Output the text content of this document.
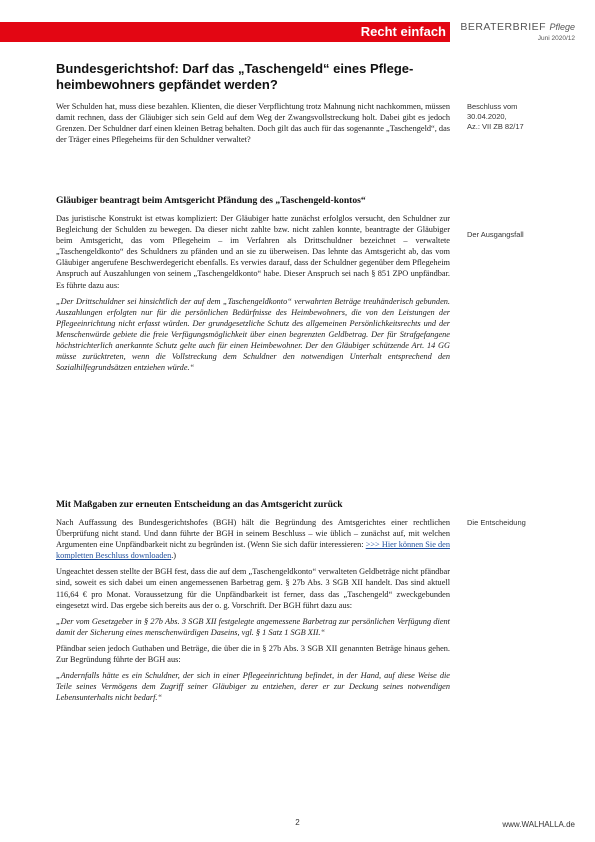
Recht einfach BERATERBRIEF Pflege
Juni 2020/12
Bundesgerichtshof: Darf das „Taschengeld“ eines Pflege-heimbewohners gepfändet werden?

Wer Schulden hat, muss diese bezahlen. Klienten, die dieser Verpflichtung trotz Mahnung nicht nachkommen, müssen damit rechnen, dass der Gläubiger sich sein Geld auf dem Weg der Zwangsvollstreckung holt. Dabei gibt es jedoch Grenzen. Der Schuldner darf einen kleinen Betrag behalten. Doch gilt das auch für das sogenannte „Taschengeld“, das der Träger eines Pflegeheims für den Schuldner verwaltet?

Beschluss vom
30.04.2020,
Az.: VII ZB 82/17
Gläubiger beantragt beim Amtsgericht Pfändung des „Taschengeld-kontos“

Das juristische Konstrukt ist etwas kompliziert: Der Gläubiger hatte zunächst erfolglos versucht, den Schuldner zur Begleichung der Schulden zu bewegen. Da dieser nicht zahlte bzw. nicht zahlen konnte, beantragte der Gläubiger beim Amtsgericht, das vom Pflegeheim – im Verfahren als Drittschuldner bezeichnet – verwaltete „Taschengeldkonto“ des Schuldners zu pfänden und an sie zu überweisen. Das lehnte das Amtsgericht ab, das vom Gläubiger angerufene Beschwerdegericht ebenfalls. Es verwies darauf, dass der Schuldner gegenüber dem Pflegeheim Anspruch auf Auszahlungen von seinem „Taschengeldkonto“ habe. Dieser Anspruch sei nach § 851 ZPO unpfändbar. Es führte dazu aus:

„Der Drittschuldner sei hinsichtlich der auf dem „Taschengeldkonto“ verwahrten Beträge treuhänderisch gebunden. Auszahlungen erfolgten nur für die persönlichen Bedürfnisse des Heimbewohners, die von den Leistungen der Pflegeeinrichtung nicht erfasst würden. Der grundgesetzliche Schutz des allgemeinen Persönlichkeitsrechts und der Menschenwürde gebiete die freie Verfügungsmöglichkeit über einen begrenzten Geldbetrag. Der für Strafgefangene höchstrichterlich anerkannte Schutz gelte auch für einen Heimbewohner. Der den Gläubiger schützende Art. 14 GG müsse zurücktreten, wenn die Vollstreckung dem Schuldner den notwendigen Unterhalt entsprechend den Sozialhilfegrundsätzen entziehen würde.“

Der Ausgangsfall
Mit Maßgaben zur erneuten Entscheidung an das Amtsgericht zurück

Nach Auffassung des Bundesgerichtshofes (BGH) hält die Begründung des Amtsgerichtes einer rechtlichen Überprüfung nicht stand. Und dann führte der BGH in seinem Beschluss – wie üblich – zunächst auf, mit welchen Argumenten eine Unpfändbarkeit nicht zu begründen ist. (Wenn Sie sich dafür interessieren: >>> Hier können Sie den kompletten Beschluss downloaden.)

Ungeachtet dessen stellte der BGH fest, dass die auf dem „Taschengeldkonto“ verwalteten Geldbeträge nicht pfändbar sind, soweit es sich dabei um einen angemessenen Barbetrag gem. § 27b Abs. 3 SGB XII handelt. Das sind aktuell 116,64 € pro Monat. Voraussetzung für die Unpfändbarkeit ist ferner, dass das „Taschengeld“ zweckgebunden eingesetzt wird. Das ergebe sich bereits aus der o. g. Vorschrift. Der BGH führt dazu aus:

„Der vom Gesetzgeber in § 27b Abs. 3 SGB XII festgelegte angemessene Barbetrag zur persönlichen Verfügung dient damit der Sicherung eines menschenwürdigen Daseins, vgl. § 1 Satz 1 SGB XII.“

Pfändbar seien jedoch Guthaben und Beträge, die über die in § 27b Abs. 3 SGB XII genannten Beträge hinaus gehen. Zur Begründung führte der BGH aus:

„Andernfalls hätte es ein Schuldner, der sich in einer Pflegeeinrichtung befindet, in der Hand, auf diese Weise die Teile seines Vermögens dem Zugriff seiner Gläubiger zu entziehen, derer er zur Deckung seines notwendigen Lebensunterhalts nicht bedarf.“

Die Entscheidung
2	www.WALHALLA.de
